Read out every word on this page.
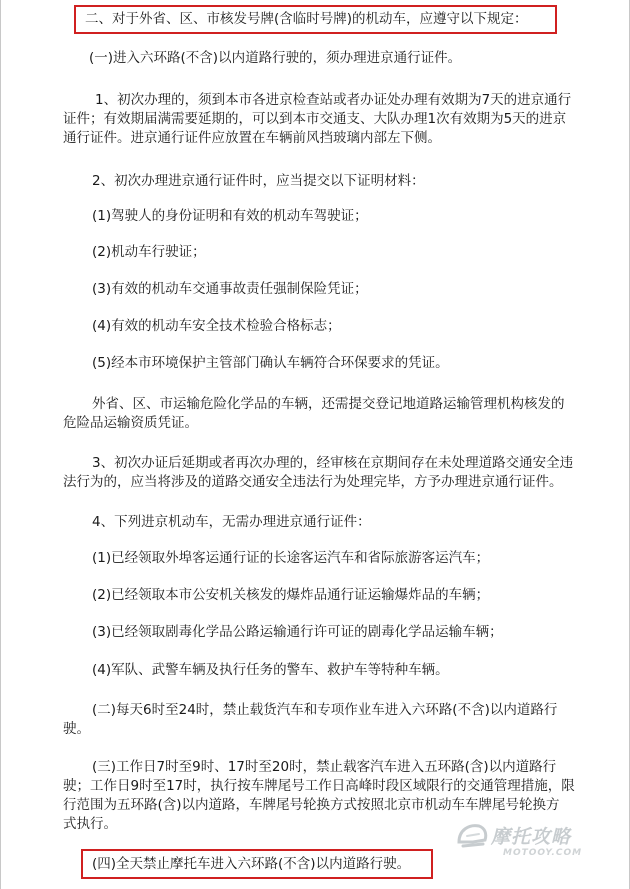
二、对于外省、区、市核发号牌(含临时号牌)的机动车，应遵守以下规定：
(一)进入六环路(不含)以内道路行驶的，须办理进京通行证件。
1、初次办理的，须到本市各进京检查站或者办证处办理有效期为7天的进京通行
证件；有效期届满需要延期的，可以到本市交通支、大队办理1次有效期为5天的进京
通行证件。进京通行证件应放置在车辆前风挡玻璃内部左下侧。
2、初次办理进京通行证件时，应当提交以下证明材料：
(1)驾驶人的身份证明和有效的机动车驾驶证；
(2)机动车行驶证；
(3)有效的机动车交通事故责任强制保险凭证；
(4)有效的机动车安全技术检验合格标志；
(5)经本市环境保护主管部门确认车辆符合环保要求的凭证。
外省、区、市运输危险化学品的车辆，还需提交登记地道路运输管理机构核发的
危险品运输资质凭证。
3、初次办证后延期或者再次办理的，经审核在京期间存在未处理道路交通安全违
法行为的，应当将涉及的道路交通安全违法行为处理完毕，方予办理进京通行证件。
4、下列进京机动车，无需办理进京通行证件：
(1)已经领取外埠客运通行证的长途客运汽车和省际旅游客运汽车；
(2)已经领取本市公安机关核发的爆炸品通行证运输爆炸品的车辆；
(3)已经领取剧毒化学品公路运输通行许可证的剧毒化学品运输车辆；
(4)军队、武警车辆及执行任务的警车、救护车等特种车辆。
(二)每天6时至24时，禁止载货汽车和专项作业车进入六环路(不含)以内道路行
驶。
(三)工作日7时至9时、17时至20时，禁止载客汽车进入五环路(含)以内道路行
驶；工作日9时至17时，执行按车牌尾号工作日高峰时段区域限行的交通管理措施，限
行范围为五环路(含)以内道路，车牌尾号轮换方式按照北京市机动车车牌尾号轮换方
式执行。
(四)全天禁止摩托车进入六环路(不含)以内道路行驶。
摩托攻略
MOTOOY.COM
